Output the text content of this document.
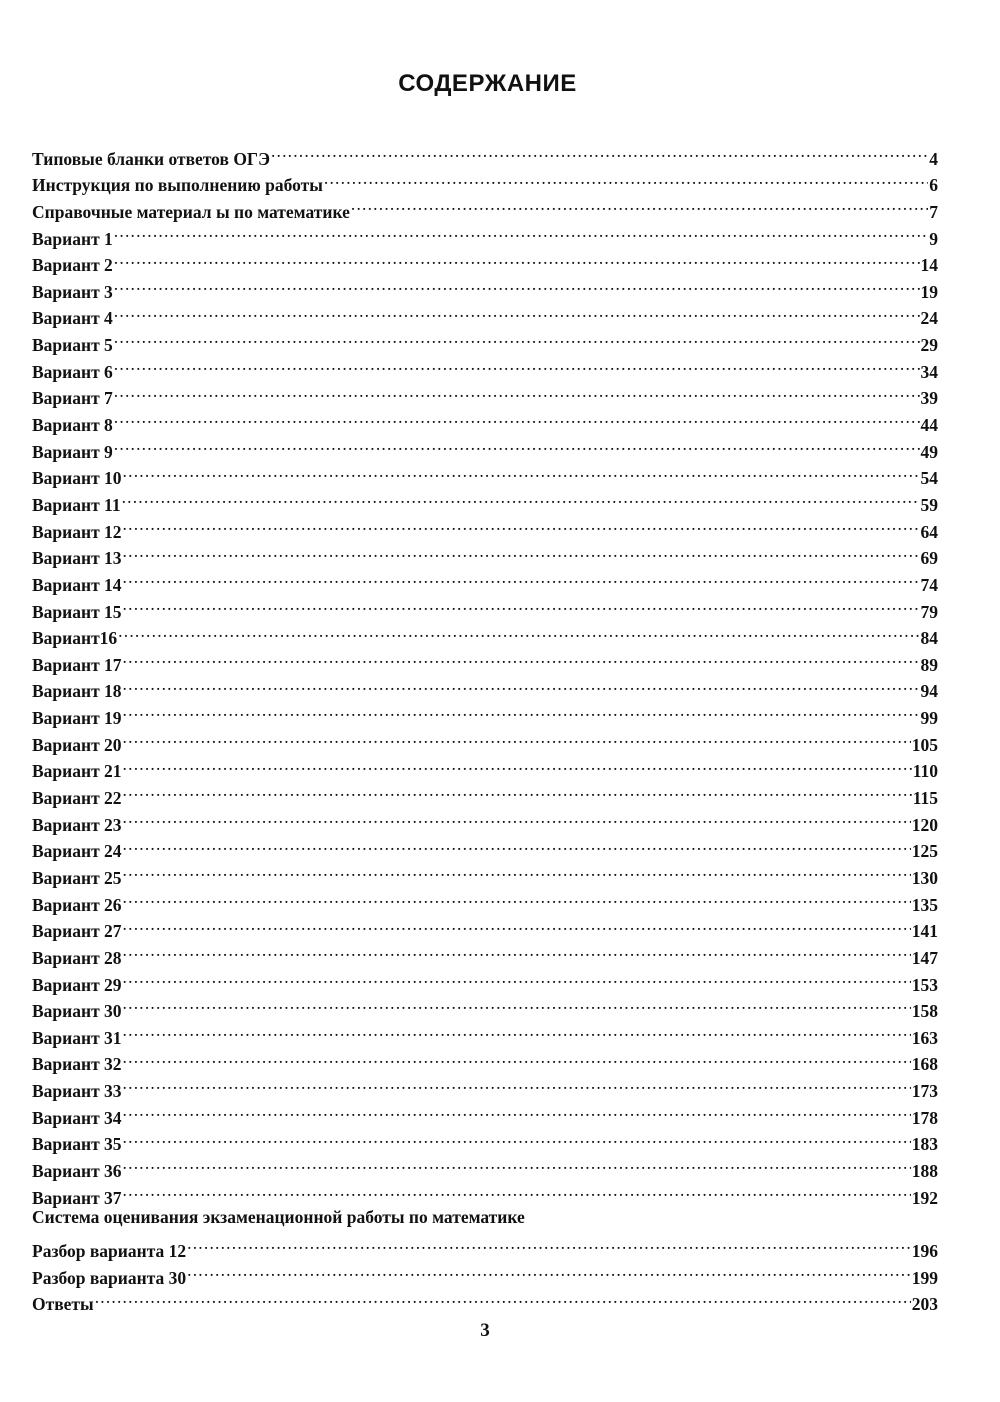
СОДЕРЖАНИЕ
Типовые бланки ответов ОГЭ .....	4
Инструкция по выполнению работы .....	6
Справочные материал ы по математике .....	7
Вариант 1 .....	9
Вариант 2 .....	14
Вариант 3 .....	19
Вариант 4 .....	24
Вариант 5 .....	29
Вариант 6 .....	34
Вариант 7 .....	39
Вариант 8 .....	44
Вариант 9 .....	49
Вариант 10 .....	54
Вариант 11 .....	59
Вариант 12 .....	64
Вариант 13 .....	69
Вариант 14 .....	74
Вариант 15 .....	79
Вариант16 .....	84
Вариант 17 .....	89
Вариант 18 .....	94
Вариант 19 .....	99
Вариант 20 .....	105
Вариант 21 .....	110
Вариант 22 .....	115
Вариант 23 .....	120
Вариант 24 .....	125
Вариант 25 .....	130
Вариант 26 .....	135
Вариант 27 .....	141
Вариант 28 .....	147
Вариант 29 .....	153
Вариант 30 .....	158
Вариант 31 .....	163
Вариант 32 .....	168
Вариант 33 .....	173
Вариант 34 .....	178
Вариант 35 .....	183
Вариант 36 .....	188
Вариант 37 .....	192
Система оценивания экзаменационной работы по математике
Разбор варианта 12 .....	196
Разбор варианта 30 .....	199
Ответы .....	203
3
